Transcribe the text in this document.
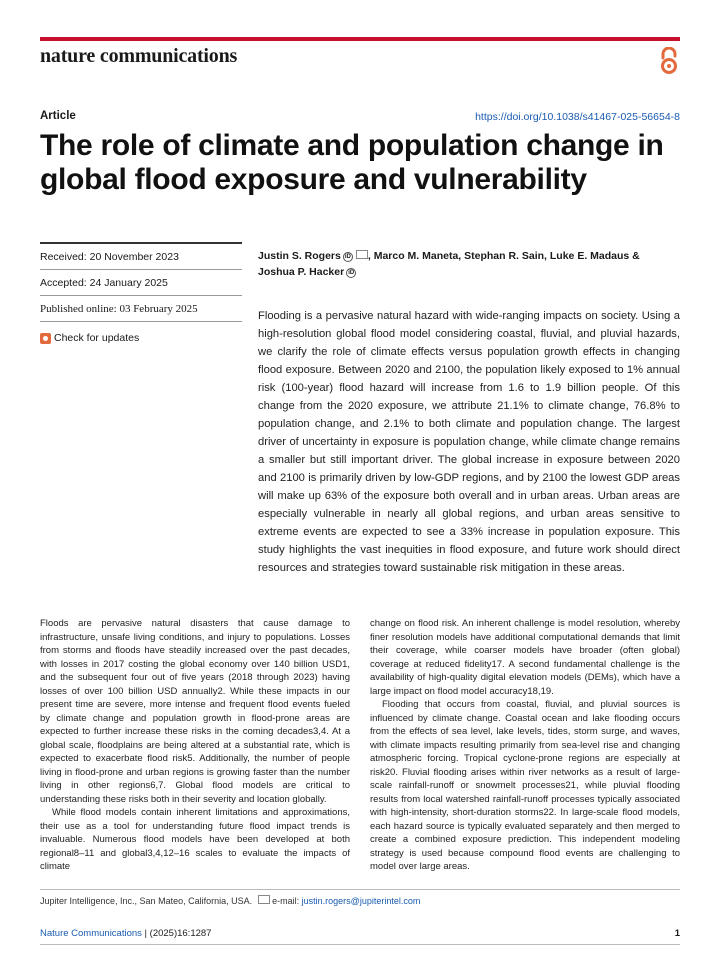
nature communications
Article	https://doi.org/10.1038/s41467-025-56654-8
The role of climate and population change in global flood exposure and vulnerability
Received: 20 November 2023
Accepted: 24 January 2025
Published online: 03 February 2025
Check for updates
Justin S. Rogers iD , Marco M. Maneta, Stephan R. Sain, Luke E. Madaus &
Joshua P. Hacker iD

Flooding is a pervasive natural hazard with wide-ranging impacts on society. Using a high-resolution global flood model considering coastal, fluvial, and pluvial hazards, we clarify the role of climate effects versus population growth effects in changing flood exposure. Between 2020 and 2100, the population likely exposed to 1% annual risk (100-year) flood hazard will increase from 1.6 to 1.9 billion people. Of this change from the 2020 exposure, we attribute 21.1% to climate change, 76.8% to population change, and 2.1% to both climate and population change. The largest driver of uncertainty in exposure is population change, while climate change remains a smaller but still important driver. The global increase in exposure between 2020 and 2100 is primarily driven by low-GDP regions, and by 2100 the lowest GDP areas will make up 63% of the exposure both overall and in urban areas. Urban areas are especially vulnerable in nearly all global regions, and urban areas sensitive to extreme events are expected to see a 33% increase in population exposure. This study highlights the vast inequities in flood exposure, and future work should direct resources and strategies toward sustainable risk mitigation in these areas.

Floods are pervasive natural disasters that cause damage to infrastructure, unsafe living conditions, and injury to populations. Losses from storms and floods have steadily increased over the past decades, with losses in 2017 costing the global economy over 140 billion USD1, and the subsequent four out of five years (2018 through 2023) having losses of over 100 billion USD annually2. While these impacts in our present time are severe, more intense and frequent flood events fueled by climate change and population growth in flood-prone areas are expected to further increase these risks in the coming decades3,4. At a global scale, floodplains are being altered at a substantial rate, which is expected to exacerbate flood risk5. Additionally, the number of people living in flood-prone and urban regions is growing faster than the number living in other regions6,7. Global flood models are critical to understanding these risks both in their severity and location globally.

While flood models contain inherent limitations and approximations, their use as a tool for understanding future flood impact trends is invaluable. Numerous flood models have been developed at both regional8–11 and global3,4,12–16 scales to evaluate the impacts of climate

change on flood risk. An inherent challenge is model resolution, whereby finer resolution models have additional computational demands that limit their coverage, while coarser models have broader (often global) coverage at reduced fidelity17. A second fundamental challenge is the availability of high-quality digital elevation models (DEMs), which have a large impact on flood model accuracy18,19.

Flooding that occurs from coastal, fluvial, and pluvial sources is influenced by climate change. Coastal ocean and lake flooding occurs from the effects of sea level, lake levels, tides, storm surge, and waves, with climate impacts resulting primarily from sea-level rise and changing atmospheric forcing. Tropical cyclone-prone regions are especially at risk20. Fluvial flooding arises within river networks as a result of large-scale rainfall-runoff or snowmelt processes21, while pluvial flooding results from local watershed rainfall-runoff processes typically associated with high-intensity, short-duration storms22. In large-scale flood models, each hazard source is typically evaluated separately and then merged to create a combined exposure prediction. This independent modeling strategy is used because compound flood events are challenging to model over large areas.

Jupiter Intelligence, Inc., San Mateo, California, USA. e-mail: justin.rogers@jupiterintel.com
Nature Communications | (2025)16:1287	1
